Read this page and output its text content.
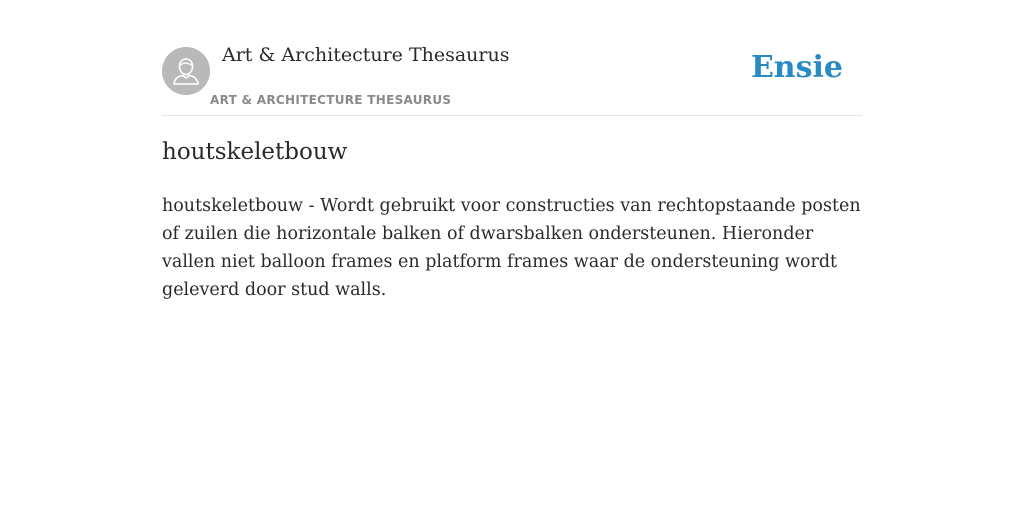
Art & Architecture Thesaurus
ART & ARCHITECTURE THESAURUS
Ensie
houtskeletbouw

houtskeletbouw - Wordt gebruikt voor constructies van rechtopstaande posten of zuilen die horizontale balken of dwarsbalken ondersteunen. Hieronder vallen niet balloon frames en platform frames waar de ondersteuning wordt geleverd door stud walls.
